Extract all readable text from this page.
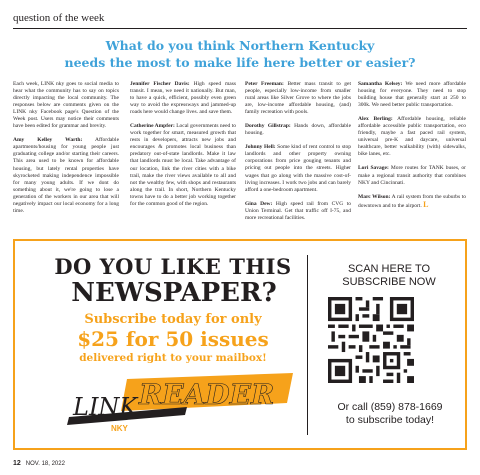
question of the week
What do you think Northern Kentucky
needs the most to make life here better or easier?

Each week, LINK nky goes to social media to hear what the community has to say on topics directly impacting the local community. The responses below are comments given on the LINK nky Facebook page's Question of the Week post. Users may notice their comments have been edited for grammar and brevity.

Amy Kelley Warth: Affordable apartments/housing for young people just graduating college and/or starting their careers. This area used to be known for affordable housing, but lately rental properties have skyrocketed making independence impossible for many young adults. If we dont do something about it, we're going to lose a generation of the workers in our area that will negatively impact our local economy for a long time.

Jennifer Fischer Davis: High speed mass transit. I mean, we need it nationally. But man, to have a quick, efficient, possibly even green way to avoid the expressways and jammed-up roads here would change lives. and save them.

Catherine Ampfer: Local governments need to work together for smart, measured growth that rests in developers, attracts new jobs and encourages & promotes local business than predatory out-of-state landlords. Make it law that landlords must be local. Take advantage of our location, link the river cities with a bike trail, make the river views available to all and not the wealthy few, with shops and restaurants along the trail. In short, Northern Kentucky towns have to do a better job working together for the common good of the region.

Peter Freeman: Better mass transit to get people, especially low-income from smaller rural areas like Silver Grove to where the jobs are, low-income affordable housing, (and) family recreation with pools.

Dorothy Gillstrap: Hands down, affordable housing.

Johnny Hell: Some kind of rent control to stop landlords and other property owning corporations from price gouging tenants and pricing out people into the streets. Higher wages that go along with the massive cost-of-living increases. I work two jobs and can barely afford a one-bedroom apartment.

Gina Dew: High speed rail from CVG to Union Terminal. Get that traffic off I-75, and more recreational facilities.

Samantha Kelsey: We need more affordable housing for everyone. They need to stop building house that generally start at 250 to 300k. We need better public transportation.

Alex Berling: Affordable housing, reliable affordable accessible public transportation, eco friendly, maybe a fast paced rail system, universal pre-K and daycare, universal healthcare, better walkability (with) sidewalks, bike lanes, etc.

Lori Savage: More routes for TANK buses, or make a regional transit authority that combines NKY and Cincinnati.

Marc Wilson: A rail system from the suburbs to downtown and to the airport. L

DO YOU LIKE THIS
NEWSPAPER?
Subscribe today for only
$25 for 50 issues
delivered right to your mailbox!
LINK
NKY
READER
SCAN HERE TO
SUBSCRIBE NOW
Or call (859) 878-1669
to subscribe today!
12 NOV. 18, 2022
